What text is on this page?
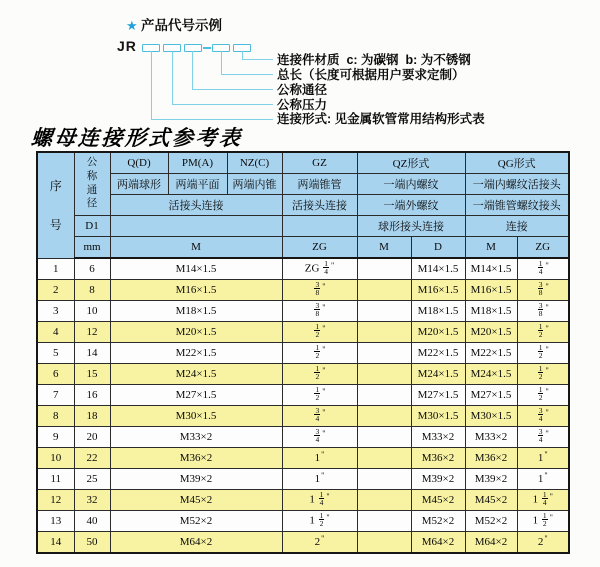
★ 产品代号示例
JR
连接件材质  c: 为碳钢  b: 为不锈钢
总长（长度可根据用户要求定制）
公称通径
公称压力
连接形式: 见金属软管常用结构形式表
螺母连接形式参考表
序
号	公
称
通
径	Q(D)	PM(A)	NZ(C)	GZ	QZ形式		QG形式	
		两端球形	两端平面	两端内锥	两端锥管	一端内螺纹		一端内螺纹活接头	
		活接头连接			活接头连接	一端外螺纹		一端锥管螺纹接头	
	D1					球形接头连接		连接	
	mm	M			ZG	M	D	M	ZG
1	6	M14×1.5			ZG $\frac{1}{4} ^"$		M14×1.5	M14×1.5	$\frac{1}{4} ^"$
2	8	M16×1.5			$\frac{3}{8} ^"$		M16×1.5	M16×1.5	$\frac{3}{8} ^"$
3	10	M18×1.5			$\frac{3}{8} ^"$		M18×1.5	M18×1.5	$\frac{3}{8} ^"$
4	12	M20×1.5			$\frac{1}{2} ^"$		M20×1.5	M20×1.5	$\frac{1}{2} ^"$
5	14	M22×1.5			$\frac{1}{2} ^"$		M22×1.5	M22×1.5	$\frac{1}{2} ^"$
6	15	M24×1.5			$\frac{1}{2} ^"$		M24×1.5	M24×1.5	$\frac{1}{2} ^"$
7	16	M27×1.5			$\frac{1}{2} ^"$		M27×1.5	M27×1.5	$\frac{1}{2} ^"$
8	18	M30×1.5			$\frac{3}{4} ^"$		M30×1.5	M30×1.5	$\frac{3}{4} ^"$
9	20	M33×2			$\frac{3}{4} ^"$		M33×2	M33×2	$\frac{3}{4} ^"$
10	22	M36×2			1"		M36×2	M36×2	1"
11	25	M39×2			1"		M39×2	M39×2	1"
12	32	M45×2			$1 \frac{1}{4} ^"$		M45×2	M45×2	$1 \frac{1}{4} ^"$
13	40	M52×2			$1 \frac{1}{2} ^"$		M52×2	M52×2	$1 \frac{1}{2} ^"$
14	50	M64×2			2"		M64×2	M64×2	2"
